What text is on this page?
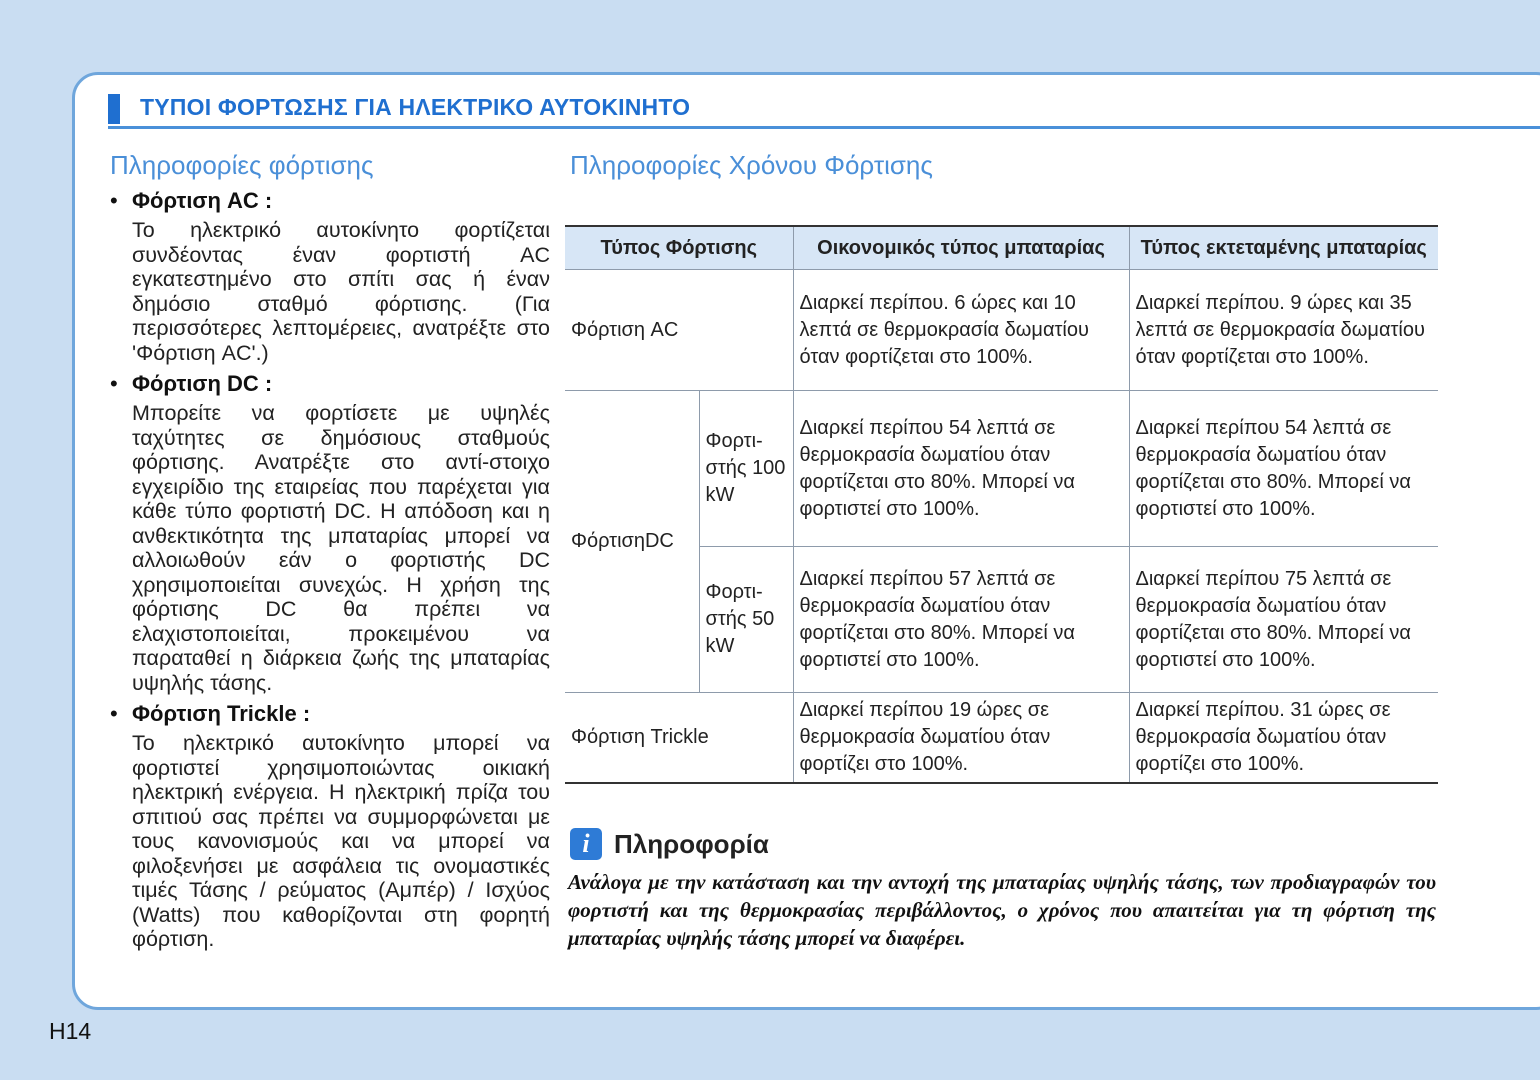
ΤΥΠΟΙ ΦΟΡΤΩΣΗΣ ΓΙΑ ΗΛΕΚΤΡΙΚΟ ΑΥΤΟΚΙΝΗΤΟ
Πληροφορίες φόρτισης
• Φόρτιση AC :

Το ηλεκτρικό αυτοκίνητο φορτίζεται συνδέοντας έναν φορτιστή AC εγκατεστημένο στο σπίτι σας ή έναν δημόσιο σταθμό φόρτισης. (Για περισσότερες λεπτομέρειες, ανατρέξτε στο 'Φόρτιση AC'.)

• Φόρτιση DC :

Μπορείτε να φορτίσετε με υψηλές ταχύτητες σε δημόσιους σταθμούς φόρτισης. Ανατρέξτε στο αντί-στοιχο εγχειρίδιο της εταιρείας που παρέχεται για κάθε τύπο φορτιστή DC. Η απόδοση και η ανθεκτικότητα της μπαταρίας μπορεί να αλλοιωθούν εάν ο φορτιστής DC χρησιμοποιείται συνεχώς. Η χρήση της φόρτισης DC θα πρέπει να ελαχιστοποιείται, προκειμένου να παραταθεί η διάρκεια ζωής της μπαταρίας υψηλής τάσης.

• Φόρτιση Trickle :

Το ηλεκτρικό αυτοκίνητο μπορεί να φορτιστεί χρησιμοποιώντας οικιακή ηλεκτρική ενέργεια. Η ηλεκτρική πρίζα του σπιτιού σας πρέπει να συμμορφώνεται με τους κανονισμούς και να μπορεί να φιλοξενήσει με ασφάλεια τις ονομαστικές τιμές Τάσης / ρεύματος (Αμπέρ) / Ισχύος (Watts) που καθορίζονται στη φορητή φόρτιση.

Πληροφορίες Χρόνου Φόρτισης
Τύπος Φόρτισης		Οικονομικός τύπος μπαταρίας	Τύπος εκτεταμένης μπαταρίας
Φόρτιση AC		Διαρκεί περίπου. 6 ώρες και 10 λεπτά σε θερμοκρασία δωματίου όταν φορτίζεται στο 100%.	Διαρκεί περίπου. 9 ώρες και 35 λεπτά σε θερμοκρασία δωματίου όταν φορτίζεται στο 100%.
ΦόρτισηDC	Φορτι-στής 100 kW	Διαρκεί περίπου 54 λεπτά σε θερμοκρασία δωματίου όταν φορτίζεται στο 80%. Μπορεί να φορτιστεί στο 100%.	Διαρκεί περίπου 54 λεπτά σε θερμοκρασία δωματίου όταν φορτίζεται στο 80%. Μπορεί να φορτιστεί στο 100%.
	Φορτι-στής 50 kW	Διαρκεί περίπου 57 λεπτά σε θερμοκρασία δωματίου όταν φορτίζεται στο 80%. Μπορεί να φορτιστεί στο 100%.	Διαρκεί περίπου 75 λεπτά σε θερμοκρασία δωματίου όταν φορτίζεται στο 80%. Μπορεί να φορτιστεί στο 100%.
Φόρτιση Trickle		Διαρκεί περίπου 19 ώρες σε θερμοκρασία δωματίου όταν φορτίζει στο 100%.	Διαρκεί περίπου. 31 ώρες σε θερμοκρασία δωματίου όταν φορτίζει στο 100%.
i Πληροφορία
Ανάλογα με την κατάσταση και την αντοχή της μπαταρίας υψηλής τάσης, των προδιαγραφών του φορτιστή και της θερμοκρασίας περιβάλλοντος, ο χρόνος που απαιτείται για τη φόρτιση της μπαταρίας υψηλής τάσης μπορεί να διαφέρει.
H14
